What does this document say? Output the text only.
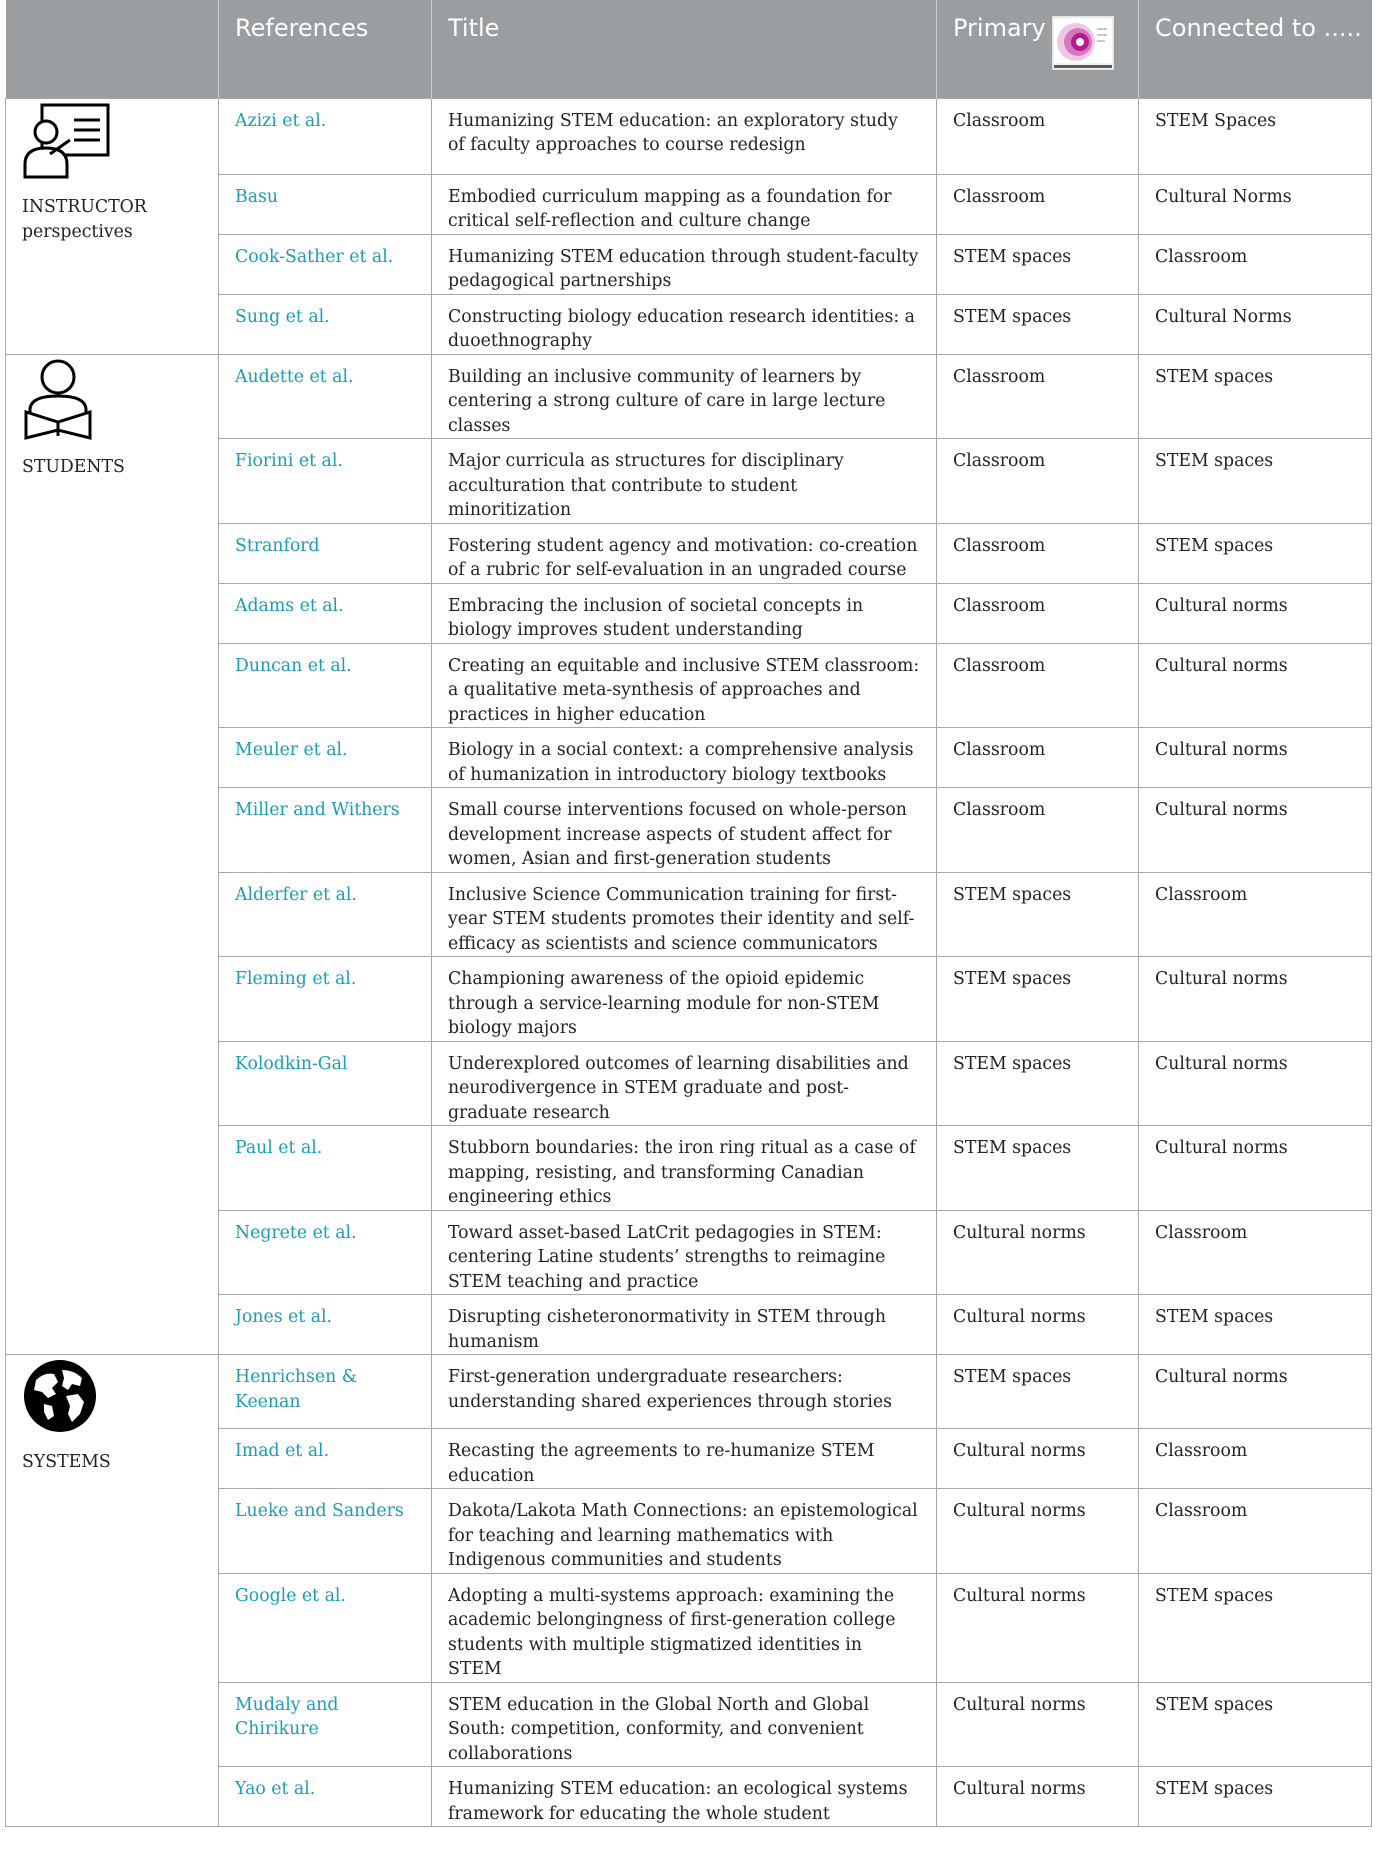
	References	Title	Primary	Connected to .....

INSTRUCTOR
perspectives	Azizi et al.	Humanizing STEM education: an exploratory study of faculty approaches to course redesign	Classroom	STEM Spaces
	Basu	Embodied curriculum mapping as a foundation for critical self-reflection and culture change	Classroom	Cultural Norms
	Cook-Sather et al.	Humanizing STEM education through student-faculty pedagogical partnerships	STEM spaces	Classroom
	Sung et al.	Constructing biology education research identities: a duoethnography	STEM spaces	Cultural Norms

STUDENTS	Audette et al.	Building an inclusive community of learners by centering a strong culture of care in large lecture classes	Classroom	STEM spaces
	Fiorini et al.	Major curricula as structures for disciplinary acculturation that contribute to student minoritization	Classroom	STEM spaces
	Stranford	Fostering student agency and motivation: co-creation of a rubric for self-evaluation in an ungraded course	Classroom	STEM spaces
	Adams et al.	Embracing the inclusion of societal concepts in biology improves student understanding	Classroom	Cultural norms
	Duncan et al.	Creating an equitable and inclusive STEM classroom: a qualitative meta-synthesis of approaches and practices in higher education	Classroom	Cultural norms
	Meuler et al.	Biology in a social context: a comprehensive analysis of humanization in introductory biology textbooks	Classroom	Cultural norms
	Miller and Withers	Small course interventions focused on whole-person development increase aspects of student affect for women, Asian and first-generation students	Classroom	Cultural norms
	Alderfer et al.	Inclusive Science Communication training for first-year STEM students promotes their identity and self-efficacy as scientists and science communicators	STEM spaces	Classroom
	Fleming et al.	Championing awareness of the opioid epidemic through a service-learning module for non-STEM biology majors	STEM spaces	Cultural norms
	Kolodkin-Gal	Underexplored outcomes of learning disabilities and neurodivergence in STEM graduate and post-graduate research	STEM spaces	Cultural norms
	Paul et al.	Stubborn boundaries: the iron ring ritual as a case of mapping, resisting, and transforming Canadian engineering ethics	STEM spaces	Cultural norms
	Negrete et al.	Toward asset-based LatCrit pedagogies in STEM: centering Latine students’ strengths to reimagine STEM teaching and practice	Cultural norms	Classroom
	Jones et al.	Disrupting cisheteronormativity in STEM through humanism	Cultural norms	STEM spaces

SYSTEMS	Henrichsen & Keenan	First-generation undergraduate researchers: understanding shared experiences through stories	STEM spaces	Cultural norms
	Imad et al.	Recasting the agreements to re-humanize STEM education	Cultural norms	Classroom
	Lueke and Sanders	Dakota/Lakota Math Connections: an epistemological for teaching and learning mathematics with Indigenous communities and students	Cultural norms	Classroom
	Google et al.	Adopting a multi-systems approach: examining the academic belongingness of first-generation college students with multiple stigmatized identities in STEM	Cultural norms	STEM spaces
	Mudaly and Chirikure	STEM education in the Global North and Global South: competition, conformity, and convenient collaborations	Cultural norms	STEM spaces
	Yao et al.	Humanizing STEM education: an ecological systems framework for educating the whole student	Cultural norms	STEM spaces
